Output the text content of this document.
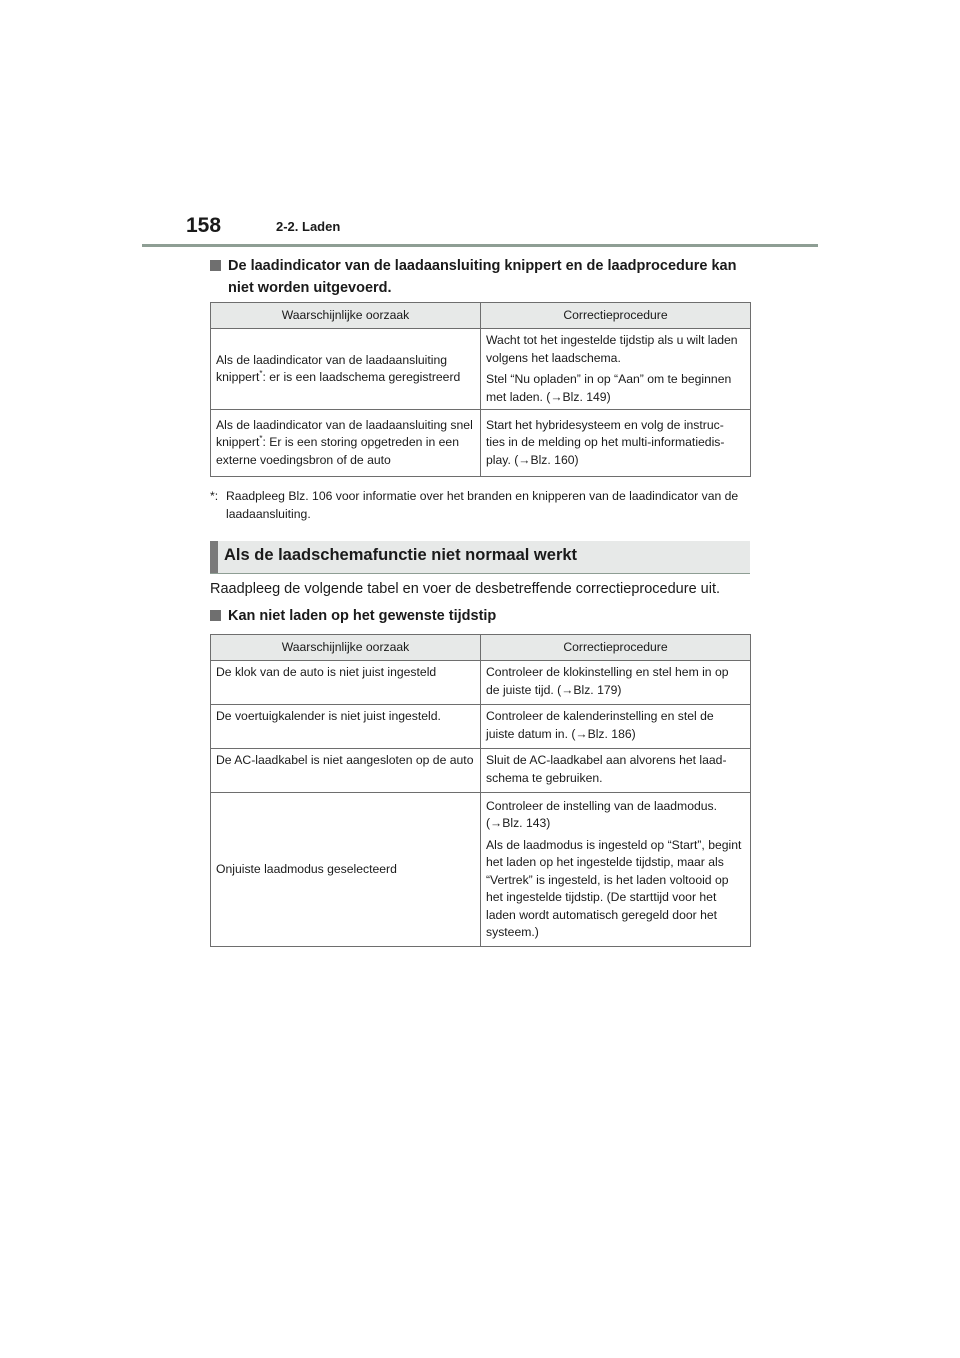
158	2-2. Laden
De laadindicator van de laadaansluiting knippert en de laadprocedure kan niet worden uitgevoerd.
Waarschijnlijke oorzaak	Correctieprocedure
Als de laadindicator van de laadaansluiting knippert*: er is een laadschema geregistreerd	Wacht tot het ingestelde tijdstip als u wilt laden volgens het laadschema.

Stel “Nu opladen” in op “Aan” om te beginnen met laden. (→Blz. 149)

Als de laadindicator van de laadaansluiting snel knippert*: Er is een storing opgetreden in een externe voedingsbron of de auto	Start het hybridesysteem en volg de instruc- ties in de melding op het multi-informatiedis- play. (→Blz. 160)

*: Raadpleeg Blz. 106 voor informatie over het branden en knipperen van de laadindicator van de laadaansluiting.
Als de laadschemafunctie niet normaal werkt
Raadpleeg de volgende tabel en voer de desbetreffende correctieprocedure uit.
Kan niet laden op het gewenste tijdstip
Waarschijnlijke oorzaak	Correctieprocedure
De klok van de auto is niet juist ingesteld	Controleer de klokinstelling en stel hem in op de juiste tijd. (→Blz. 179)

De voertuigkalender is niet juist ingesteld.	Controleer de kalenderinstelling en stel de juiste datum in. (→Blz. 186)

De AC-laadkabel is niet aangesloten op de auto	Sluit de AC-laadkabel aan alvorens het laad- schema te gebruiken.

Onjuiste laadmodus geselecteerd	Controleer de instelling van de laadmodus. (→Blz. 143)

Als de laadmodus is ingesteld op “Start”, begint het laden op het ingestelde tijdstip, maar als “Vertrek” is ingesteld, is het laden voltooid op het ingestelde tijdstip. (De starttijd voor het laden wordt automatisch geregeld door het systeem.)
